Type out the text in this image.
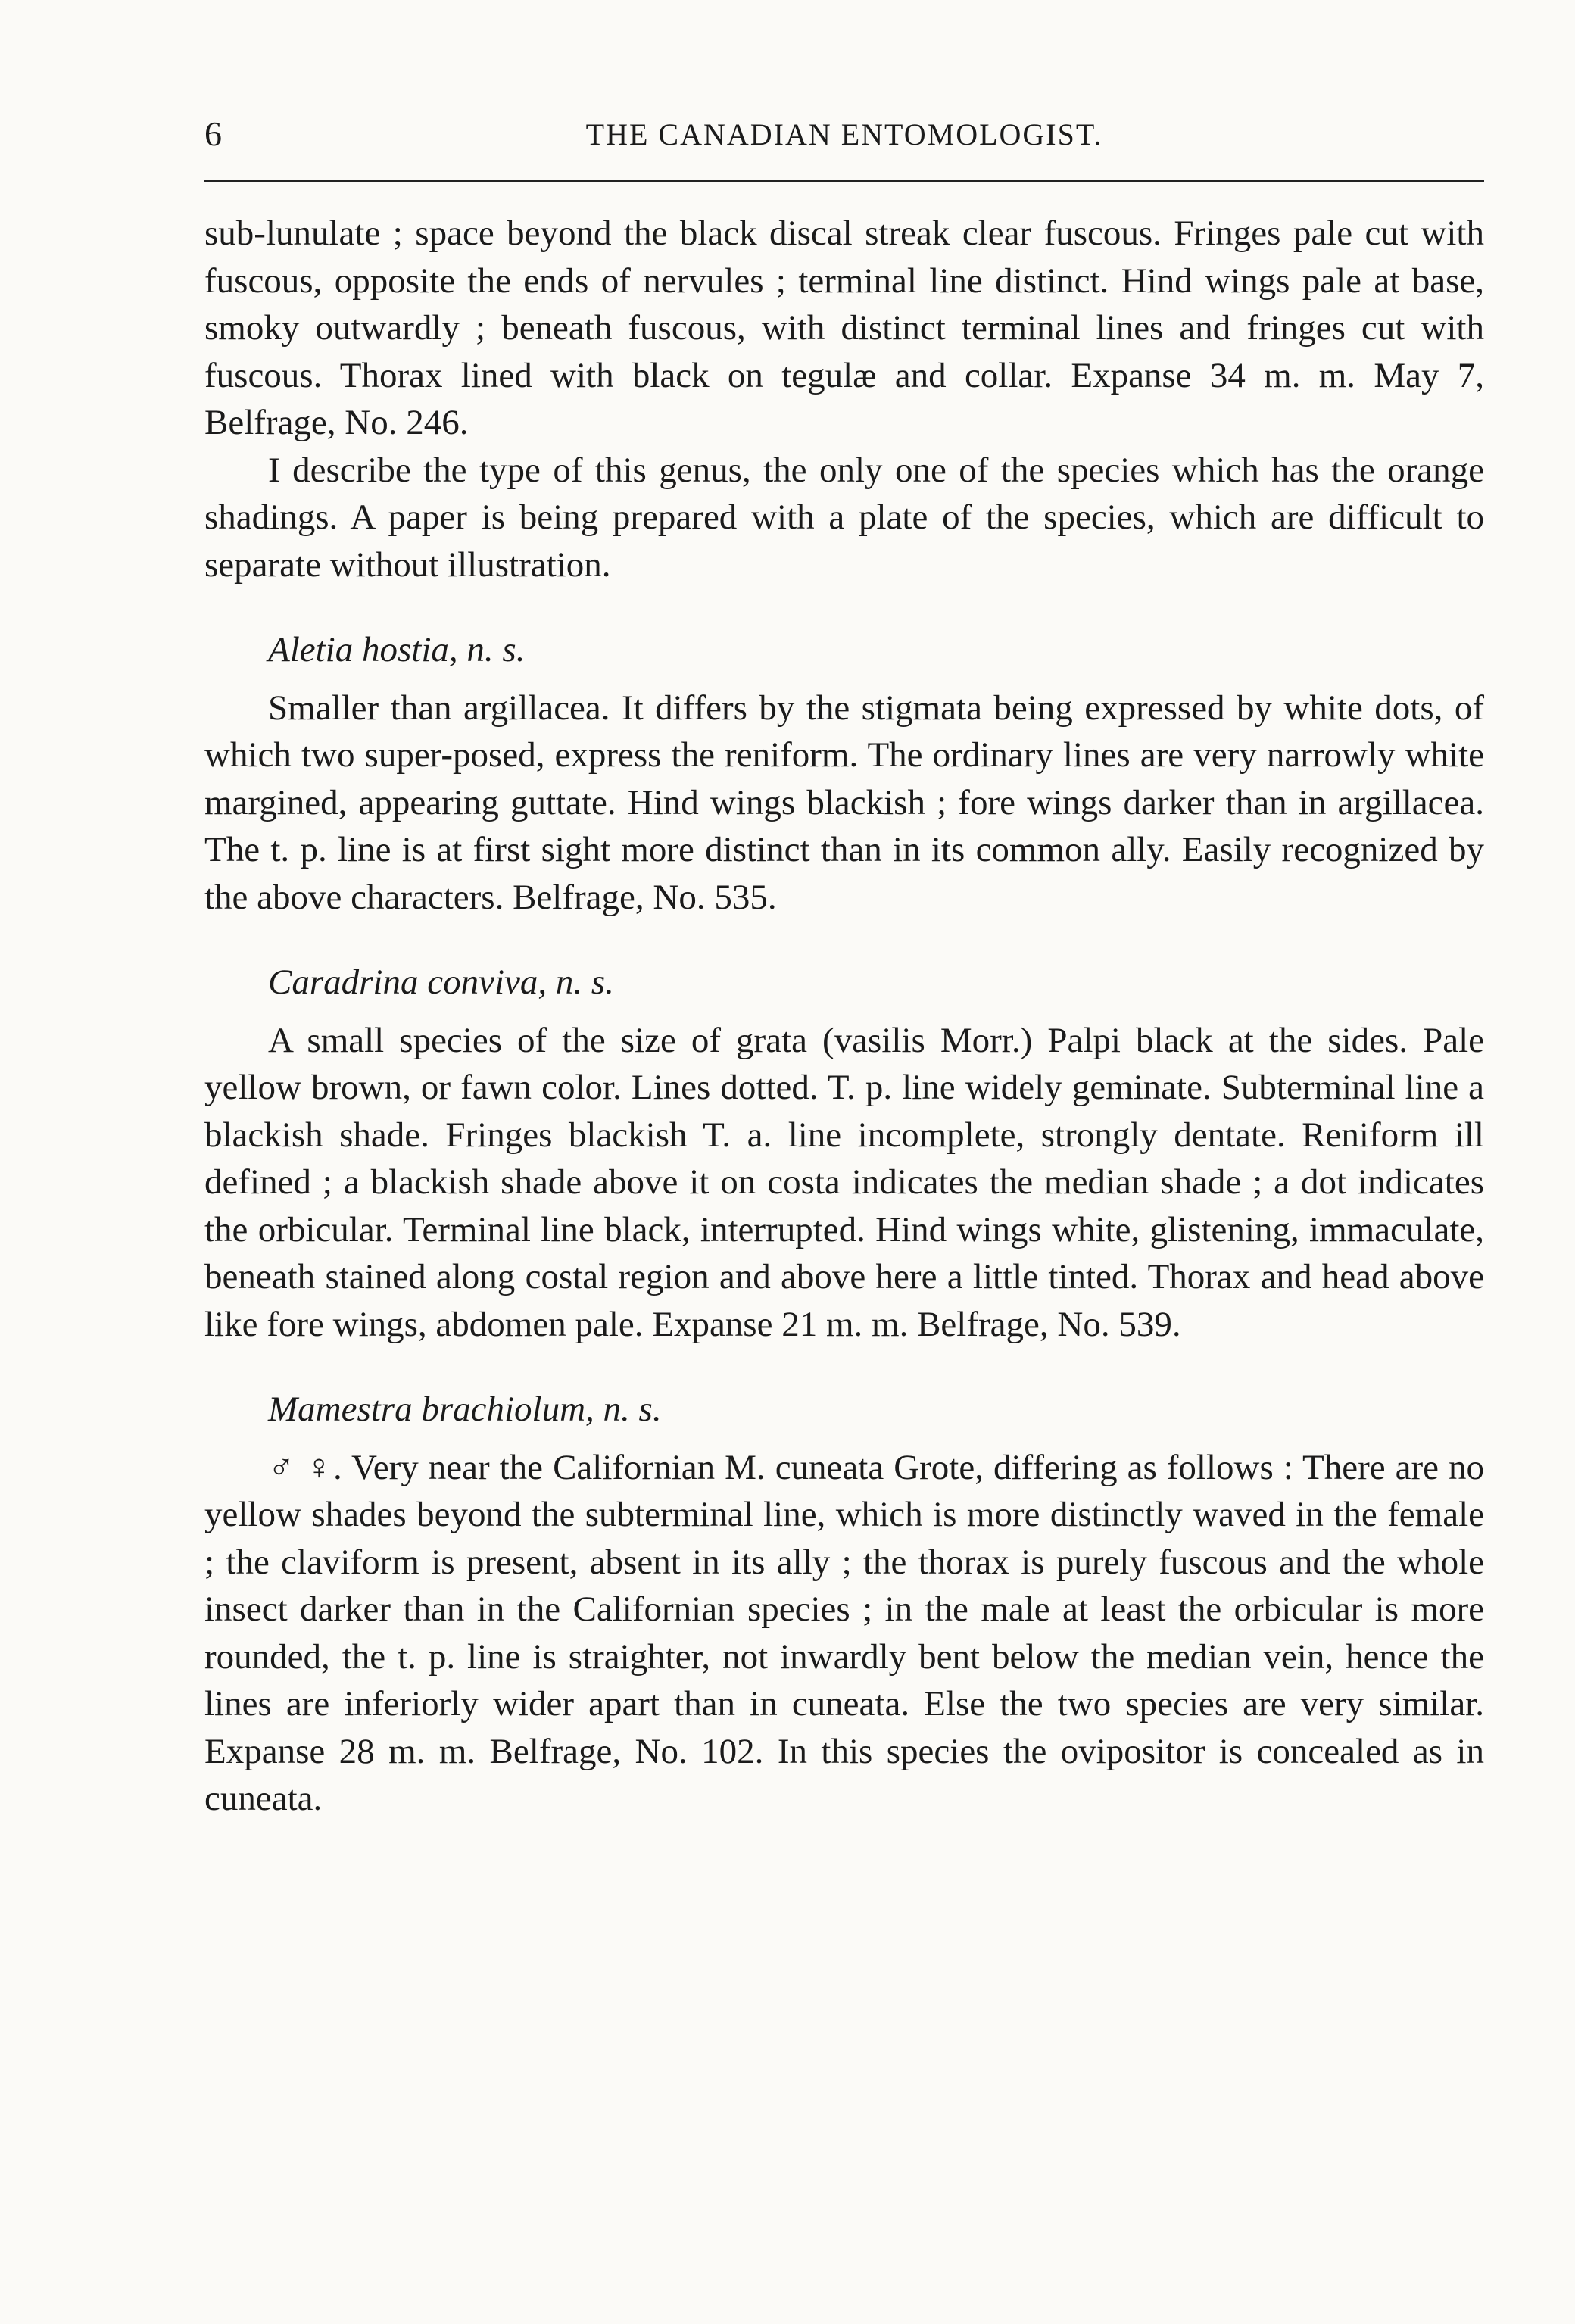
6	THE CANADIAN ENTOMOLOGIST.

sub-lunulate ; space beyond the black discal streak clear fuscous. Fringes pale cut with fuscous, opposite the ends of nervules ; terminal line distinct. Hind wings pale at base, smoky outwardly ; beneath fuscous, with distinct terminal lines and fringes cut with fuscous. Thorax lined with black on tegulæ and collar. Expanse 34 m. m. May 7, Belfrage, No. 246.

I describe the type of this genus, the only one of the species which has the orange shadings. A paper is being prepared with a plate of the species, which are difficult to separate without illustration.

Aletia hostia, n. s.

Smaller than argillacea. It differs by the stigmata being expressed by white dots, of which two super-posed, express the reniform. The ordinary lines are very narrowly white margined, appearing guttate. Hind wings blackish ; fore wings darker than in argillacea. The t. p. line is at first sight more distinct than in its common ally. Easily recognized by the above characters. Belfrage, No. 535.

Caradrina conviva, n. s.

A small species of the size of grata (vasilis Morr.) Palpi black at the sides. Pale yellow brown, or fawn color. Lines dotted. T. p. line widely geminate. Subterminal line a blackish shade. Fringes blackish T. a. line incomplete, strongly dentate. Reniform ill defined ; a blackish shade above it on costa indicates the median shade ; a dot indicates the orbicular. Terminal line black, interrupted. Hind wings white, glistening, immaculate, beneath stained along costal region and above here a little tinted. Thorax and head above like fore wings, abdomen pale. Expanse 21 m. m. Belfrage, No. 539.

Mamestra brachiolum, n. s.

♂ ♀. Very near the Californian M. cuneata Grote, differing as follows : There are no yellow shades beyond the subterminal line, which is more distinctly waved in the female ; the claviform is present, absent in its ally ; the thorax is purely fuscous and the whole insect darker than in the Californian species ; in the male at least the orbicular is more rounded, the t. p. line is straighter, not inwardly bent below the median vein, hence the lines are inferiorly wider apart than in cuneata. Else the two species are very similar. Expanse 28 m. m. Belfrage, No. 102. In this species the ovipositor is concealed as in cuneata.
